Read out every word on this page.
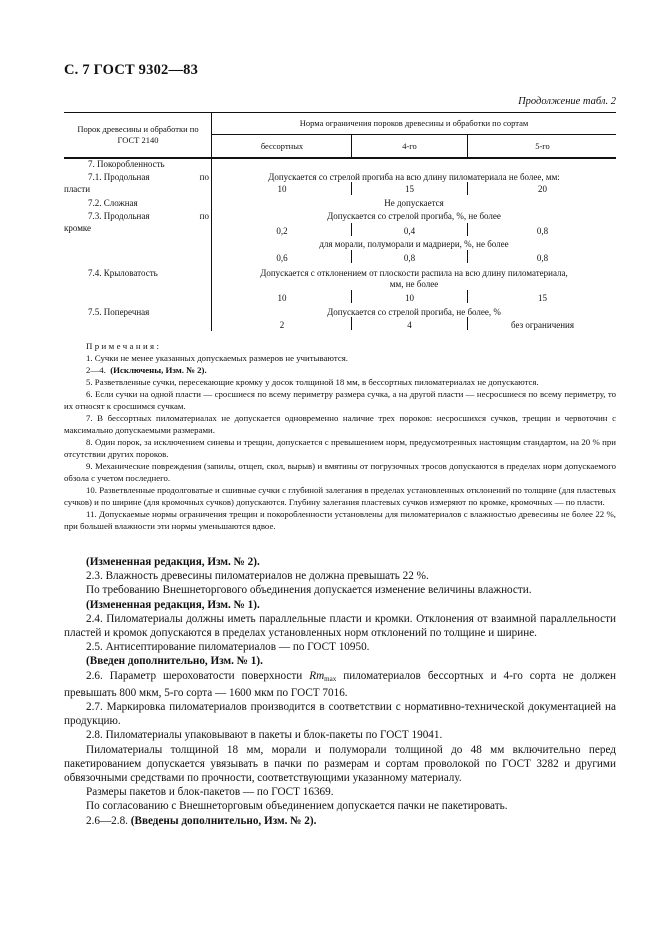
С. 7 ГОСТ 9302—83
Продолжение табл. 2
Порок древесины и обработки по ГОСТ 2140
Норма ограничения пороков древесины и обработки по сортам
бессортных	4-го	5-го
7. Покоробленность
7.1. Продольная	по
пласти
Допускается со стрелой прогиба на всю длину пиломатериала не более, мм:
10	15	20
7.2. Сложная	Не допускается
7.3. Продольная	по
кромке
Допускается со стрелой прогиба, %, не более
0,2	0,4	0,8
для морали, полуморали и мадриери, %, не более
0,6	0,8	0,8
7.4. Крыловатость	Допускается с отклонением от плоскости распила на всю длину пиломатериала,
мм, не более
10	10	15
7.5. Поперечная	Допускается со стрелой прогиба, не более, %
2	4	без ограничения

Примечания:

1. Сучки не менее указанных допускаемых размеров не учитываются.

2—4. (Исключены, Изм. № 2).

5. Разветвленные сучки, пересекающие кромку у досок толщиной 18 мм, в бессортных пиломатериалах не допускаются.

6. Если сучки на одной пласти — сросшиеся по всему периметру размера сучка, а на другой пласти — несросшиеся по всему периметру, то их относят к сросшимся сучкам.

7. В бессортных пиломатериалах не допускается одновременно наличие трех пороков: несросшихся сучков, трещин и червоточин с максимально допускаемыми размерами.

8. Один порок, за исключением синевы и трещин, допускается с превышением норм, предусмотренных настоящим стандартом, на 20 % при отсутствии других пороков.

9. Механические повреждения (запилы, отщеп, скол, вырыв) и вмятины от погрузочных тросов допускаются в пределах норм допускаемого обзола с учетом последнего.

10. Разветвленные продолговатые и сшивные сучки с глубиной залегания в пределах установленных отклонений по толщине (для пластевых сучков) и по ширине (для кромочных сучков) допускаются. Глубину залегания пластевых сучков измеряют по кромке, кромочных — по пласти.

11. Допускаемые нормы ограничения трещин и покоробленности установлены для пиломатериалов с влажностью древесины не более 22 %, при большей влажности эти нормы уменьшаются вдвое.

(Измененная редакция, Изм. № 2).

2.3. Влажность древесины пиломатериалов не должна превышать 22 %.

По требованию Внешнеторгового объединения допускается изменение величины влажности.

(Измененная редакция, Изм. № 1).

2.4. Пиломатериалы должны иметь параллельные пласти и кромки. Отклонения от взаимной параллельности пластей и кромок допускаются в пределах установленных норм отклонений по толщине и ширине.

2.5. Антисептирование пиломатериалов — по ГОСТ 10950.

(Введен дополнительно, Изм. № 1).

2.6. Параметр шероховатости поверхности $Rm_{max}$ пиломатериалов бессортных и 4-го сорта не должен превышать 800 мкм, 5-го сорта — 1600 мкм по ГОСТ 7016.

2.7. Маркировка пиломатериалов производится в соответствии с нормативно-технической документацией на продукцию.

2.8. Пиломатериалы упаковывают в пакеты и блок-пакеты по ГОСТ 19041.

Пиломатериалы толщиной 18 мм, морали и полуморали толщиной до 48 мм включительно перед пакетированием допускается увязывать в пачки по размерам и сортам проволокой по ГОСТ 3282 и другими обвязочными средствами по прочности, соответствующими указанному материалу.

Размеры пакетов и блок-пакетов — по ГОСТ 16369.

По согласованию с Внешнеторговым объединением допускается пачки не пакетировать.

2.6—2.8. (Введены дополнительно, Изм. № 2).
